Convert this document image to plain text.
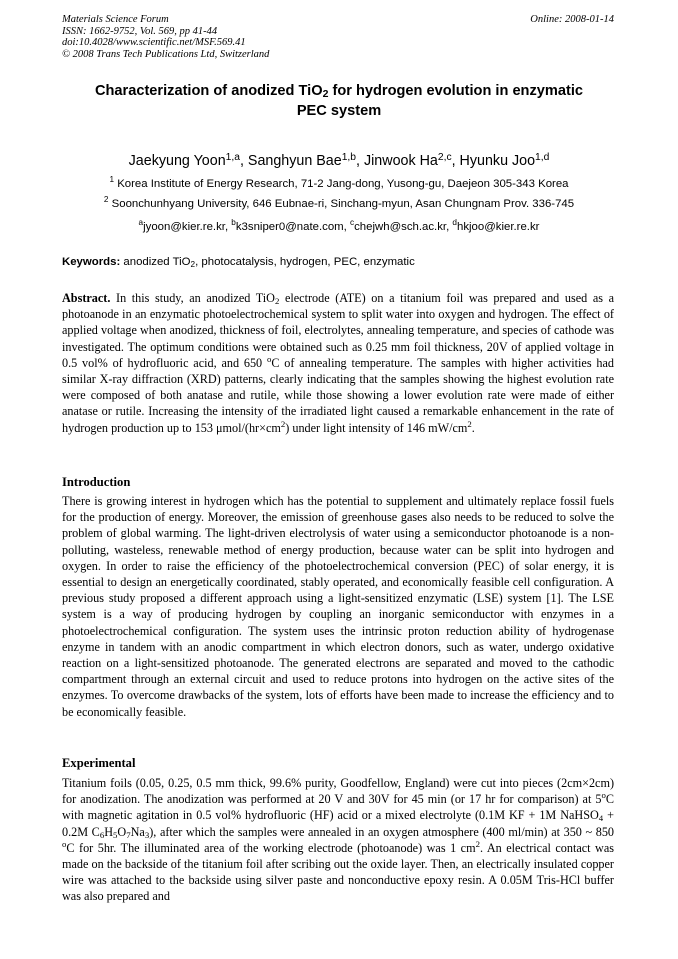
Materials Science Forum
ISSN: 1662-9752, Vol. 569, pp 41-44
doi:10.4028/www.scientific.net/MSF.569.41
© 2008 Trans Tech Publications Ltd, Switzerland
Online: 2008-01-14
Characterization of anodized TiO$_2$ for hydrogen evolution in enzymatic
PEC system
Jaekyung Yoon$^{1,a}$, Sanghyun Bae$^{1,b}$, Jinwook Ha$^{2,c}$, Hyunku Joo$^{1,d}$
$^1$ Korea Institute of Energy Research, 71-2 Jang-dong, Yusong-gu, Daejeon 305-343 Korea
$^2$ Soonchunhyang University, 646 Eubnae-ri, Sinchang-myun, Asan Chungnam Prov. 336-745
$^a$jyoon@kier.re.kr, $^b$k3sniper0@nate.com, $^c$chejwh@sch.ac.kr, $^d$hkjoo@kier.re.kr
Keywords: anodized TiO$_2$, photocatalysis, hydrogen, PEC, enzymatic
Abstract. In this study, an anodized TiO$_2$ electrode (ATE) on a titanium foil was prepared and used as a photoanode in an enzymatic photoelectrochemical system to split water into oxygen and hydrogen. The effect of applied voltage when anodized, thickness of foil, electrolytes, annealing temperature, and species of cathode was investigated. The optimum conditions were obtained such as 0.25 mm foil thickness, 20V of applied voltage in 0.5 vol% of hydrofluoric acid, and 650 $^o$C of annealing temperature. The samples with higher activities had similar X-ray diffraction (XRD) patterns, clearly indicating that the samples showing the highest evolution rate were composed of both anatase and rutile, while those showing a lower evolution rate were made of either anatase or rutile. Increasing the intensity of the irradiated light caused a remarkable enhancement in the rate of hydrogen production up to 153 μmol/$(hr\times cm^2)$ under light intensity of 146 $mW/cm^2$.
Introduction
There is growing interest in hydrogen which has the potential to supplement and ultimately replace fossil fuels for the production of energy. Moreover, the emission of greenhouse gases also needs to be reduced to solve the problem of global warming. The light-driven electrolysis of water using a semiconductor photoanode is a non-polluting, wasteless, renewable method of energy production, because water can be split into hydrogen and oxygen. In order to raise the efficiency of the photoelectrochemical conversion (PEC) of solar energy, it is essential to design an energetically coordinated, stably operated, and economically feasible cell configuration. A previous study proposed a different approach using a light-sensitized enzymatic (LSE) system [1]. The LSE system is a way of producing hydrogen by coupling an inorganic semiconductor with enzymes in a photoelectrochemical configuration. The system uses the intrinsic proton reduction ability of hydrogenase enzyme in tandem with an anodic compartment in which electron donors, such as water, undergo oxidative reaction on a light-sensitized photoanode. The generated electrons are separated and moved to the cathodic compartment through an external circuit and used to reduce protons into hydrogen on the active sites of the enzymes. To overcome drawbacks of the system, lots of efforts have been made to increase the efficiency and to be economically feasible.
Experimental
Titanium foils (0.05, 0.25, 0.5 mm thick, 99.6% purity, Goodfellow, England) were cut into pieces (2cm×2cm) for anodization. The anodization was performed at 20 V and 30V for 45 min (or 17 hr for comparison) at 5$^o$C with magnetic agitation in 0.5 vol% hydrofluoric (HF) acid or a mixed electrolyte (0.1M KF + 1M NaHSO$_4$ + 0.2M $C_6H_5O_7Na_3$), after which the samples were annealed in an oxygen atmosphere (400 ml/min) at 350 ~ 850 $^o$C for 5hr. The illuminated area of the working electrode (photoanode) was 1 $cm^2$. An electrical contact was made on the backside of the titanium foil after scribing out the oxide layer. Then, an electrically insulated copper wire was attached to the backside using silver paste and nonconductive epoxy resin. A 0.05M Tris-HCl buffer was also prepared and
